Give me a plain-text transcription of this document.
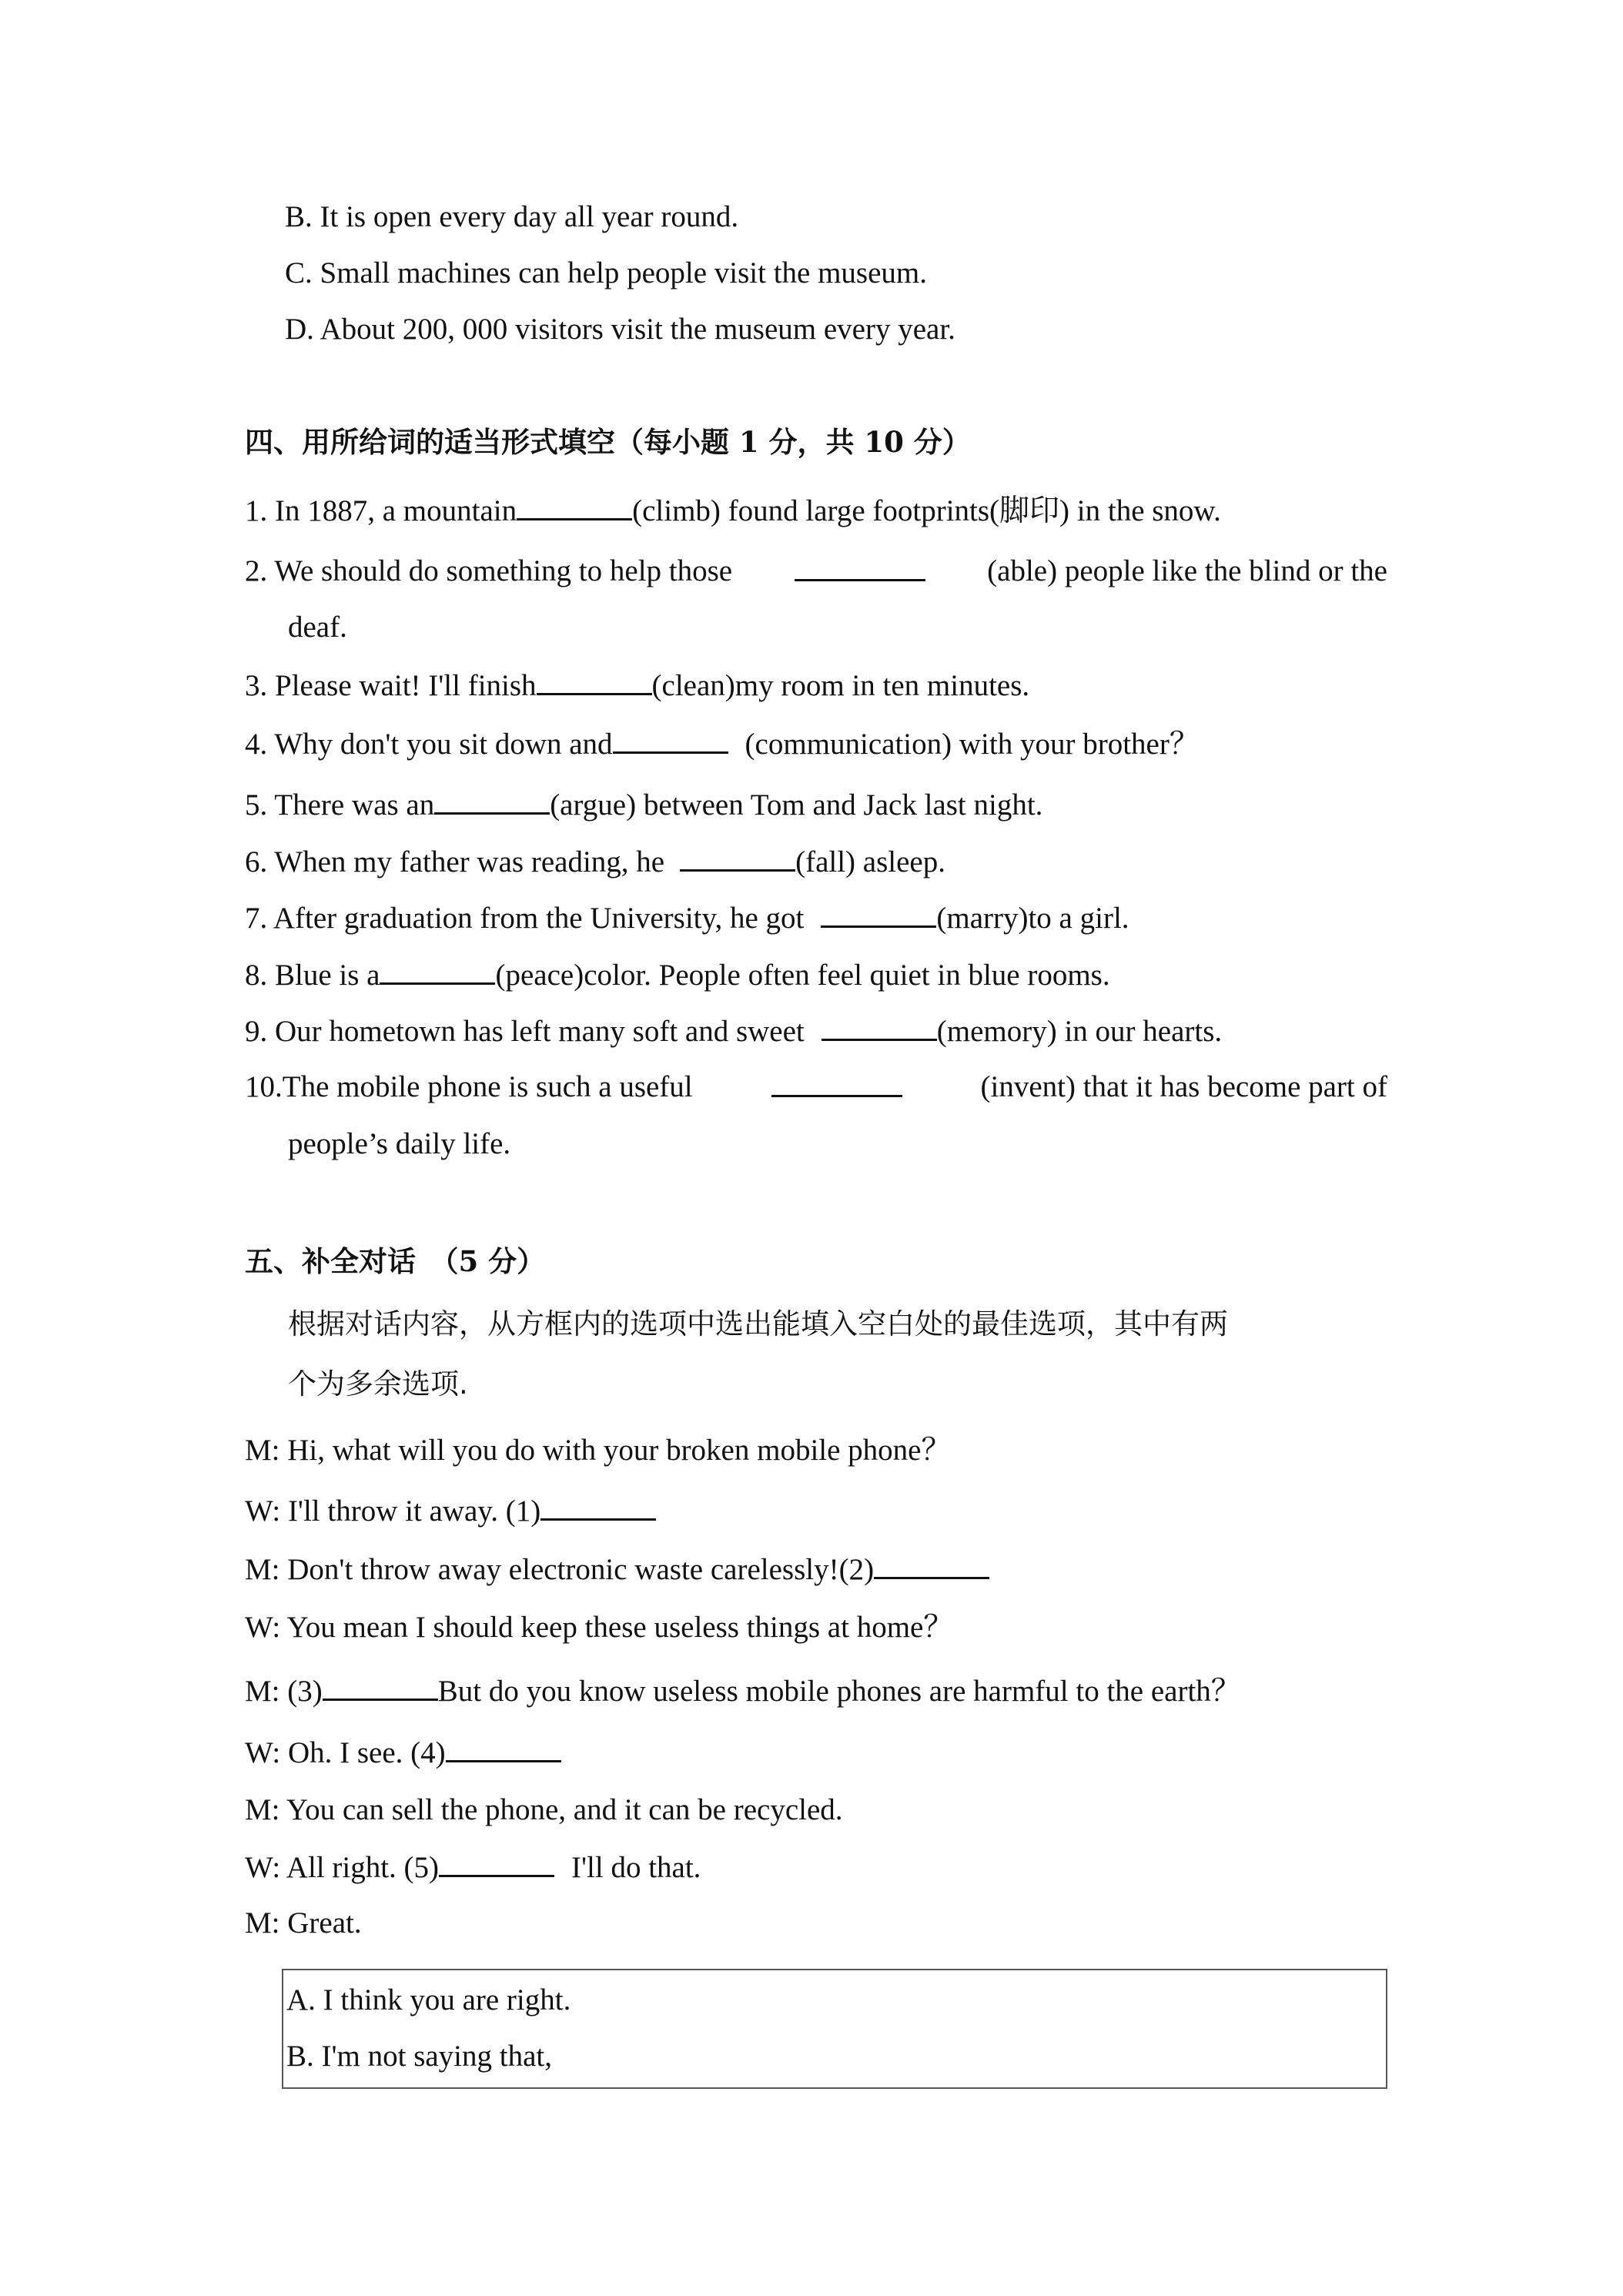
B. It is open every day all year round.
C. Small machines can help people visit the museum.
D. About 200, 000 visitors visit the museum every year.
四、用所给词的适当形式填空（每小题 1 分，共 10 分）
1. In 1887, a mountain	(climb) found large footprints(脚印) in the snow.
2. We should do something to help those	(able) people like the blind or the
deaf.
3. Please wait! I'll finish	(clean)my room in ten minutes.
4. Why don't you sit down and	(communication) with your brother？
5. There was an	(argue) between Tom and Jack last night.
6. When my father was reading, he	(fall) asleep.
7. After graduation from the University, he got	(marry)to a girl.
8. Blue is a	(peace)color. People often feel quiet in blue rooms.
9. Our hometown has left many soft and sweet	(memory) in our hearts.
10.The mobile phone is such a useful	(invent) that it has become part of
people’s daily life.
五、补全对话　（5 分）
根据对话内容，从方框内的选项中选出能填入空白处的最佳选项，其中有两
个为多余选项.
M: Hi, what will you do with your broken mobile phone？
W: I'll throw it away. (1)
M: Don't throw away electronic waste carelessly!(2)
W: You mean I should keep these useless things at home？
M: (3)	But do you know useless mobile phones are harmful to the earth？
W: Oh. I see. (4)
M: You can sell the phone, and it can be recycled.
W: All right. (5)	I'll do that.
M: Great.
A. I think you are right.
B. I'm not saying that,
